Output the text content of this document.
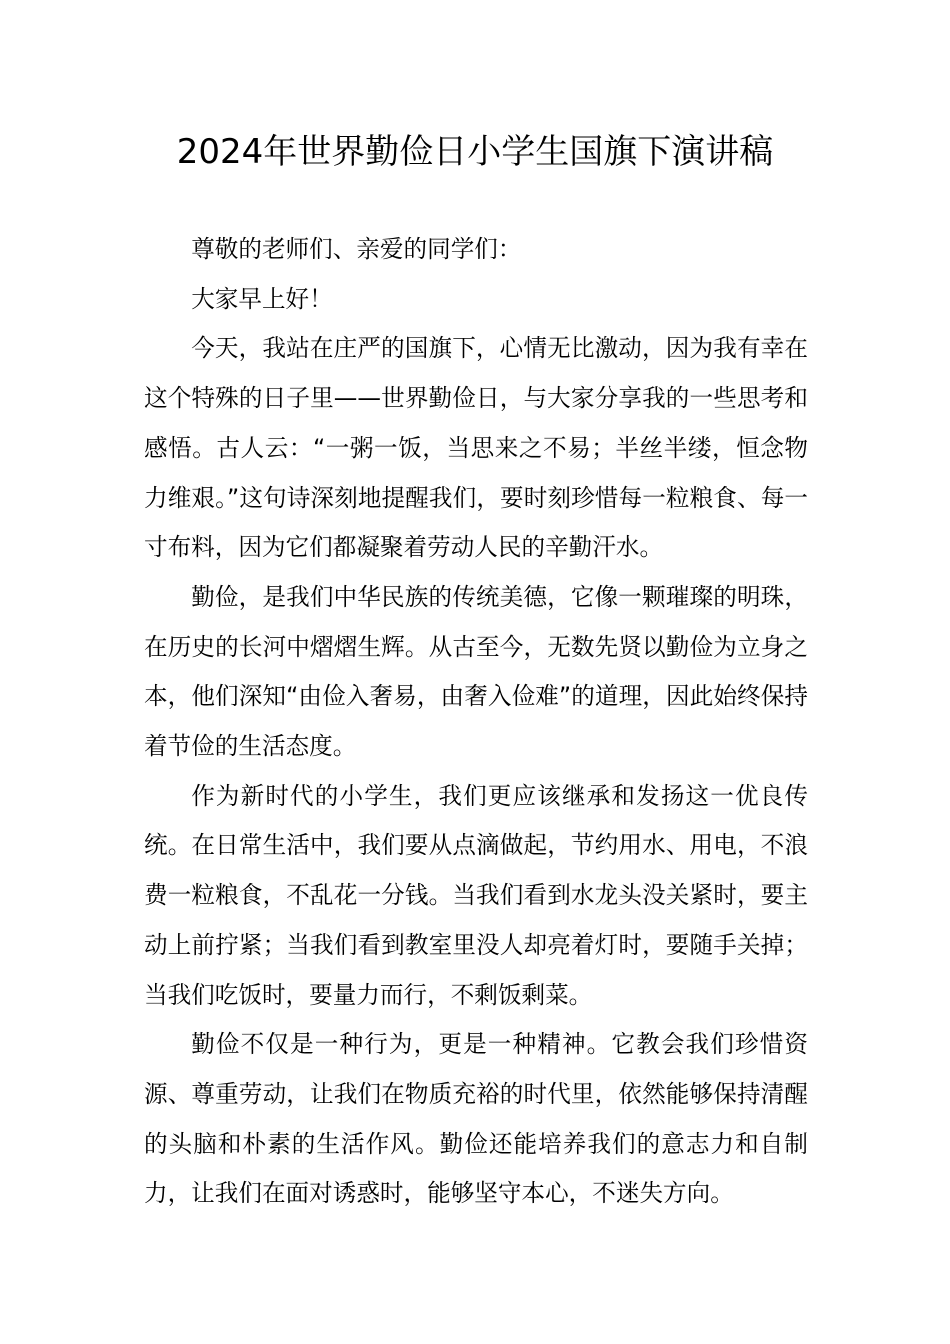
2024年世界勤俭日小学生国旗下演讲稿

尊敬的老师们、亲爱的同学们：

大家早上好！

今天，我站在庄严的国旗下，心情无比激动，因为我有幸在这个特殊的日子里——世界勤俭日，与大家分享我的一些思考和感悟。古人云：“一粥一饭，当思来之不易；半丝半缕，恒念物力维艰。”这句诗深刻地提醒我们，要时刻珍惜每一粒粮食、每一寸布料，因为它们都凝聚着劳动人民的辛勤汗水。

勤俭，是我们中华民族的传统美德，它像一颗璀璨的明珠，在历史的长河中熠熠生辉。从古至今，无数先贤以勤俭为立身之本，他们深知“由俭入奢易，由奢入俭难”的道理，因此始终保持着节俭的生活态度。

作为新时代的小学生，我们更应该继承和发扬这一优良传统。在日常生活中，我们要从点滴做起，节约用水、用电，不浪费一粒粮食，不乱花一分钱。当我们看到水龙头没关紧时，要主动上前拧紧；当我们看到教室里没人却亮着灯时，要随手关掉；当我们吃饭时，要量力而行，不剩饭剩菜。

勤俭不仅是一种行为，更是一种精神。它教会我们珍惜资源、尊重劳动，让我们在物质充裕的时代里，依然能够保持清醒的头脑和朴素的生活作风。勤俭还能培养我们的意志力和自制力，让我们在面对诱惑时，能够坚守本心，不迷失方向。
